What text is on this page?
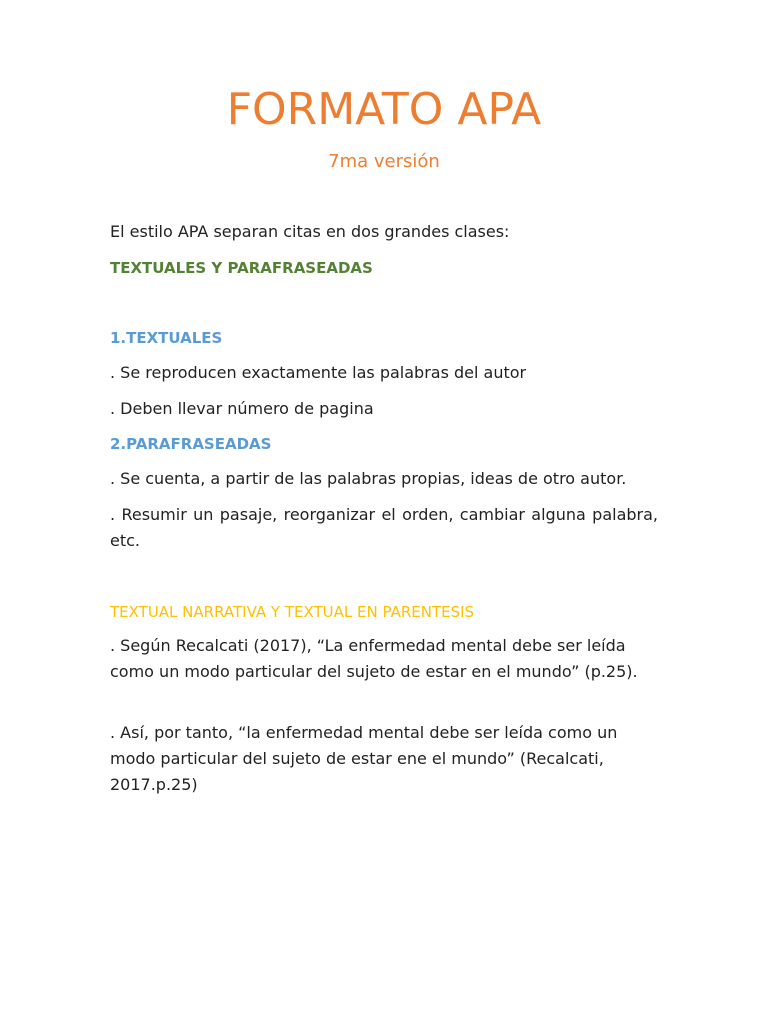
FORMATO APA

7ma versión

El estilo APA separan citas en dos grandes clases:

TEXTUALES Y PARAFRASEADAS

1.TEXTUALES

. Se reproducen exactamente las palabras del autor

. Deben llevar número de pagina

2.PARAFRASEADAS

. Se cuenta, a partir de las palabras propias, ideas de otro autor.

. Resumir un pasaje, reorganizar el orden, cambiar alguna palabra, etc.

TEXTUAL NARRATIVA Y TEXTUAL EN PARENTESIS

. Según Recalcati (2017), “La enfermedad mental debe ser leída como un modo particular del sujeto de estar en el mundo” (p.25).

. Así, por tanto, “la enfermedad mental debe ser leída como un modo particular del sujeto de estar ene el mundo” (Recalcati, 2017.p.25)
